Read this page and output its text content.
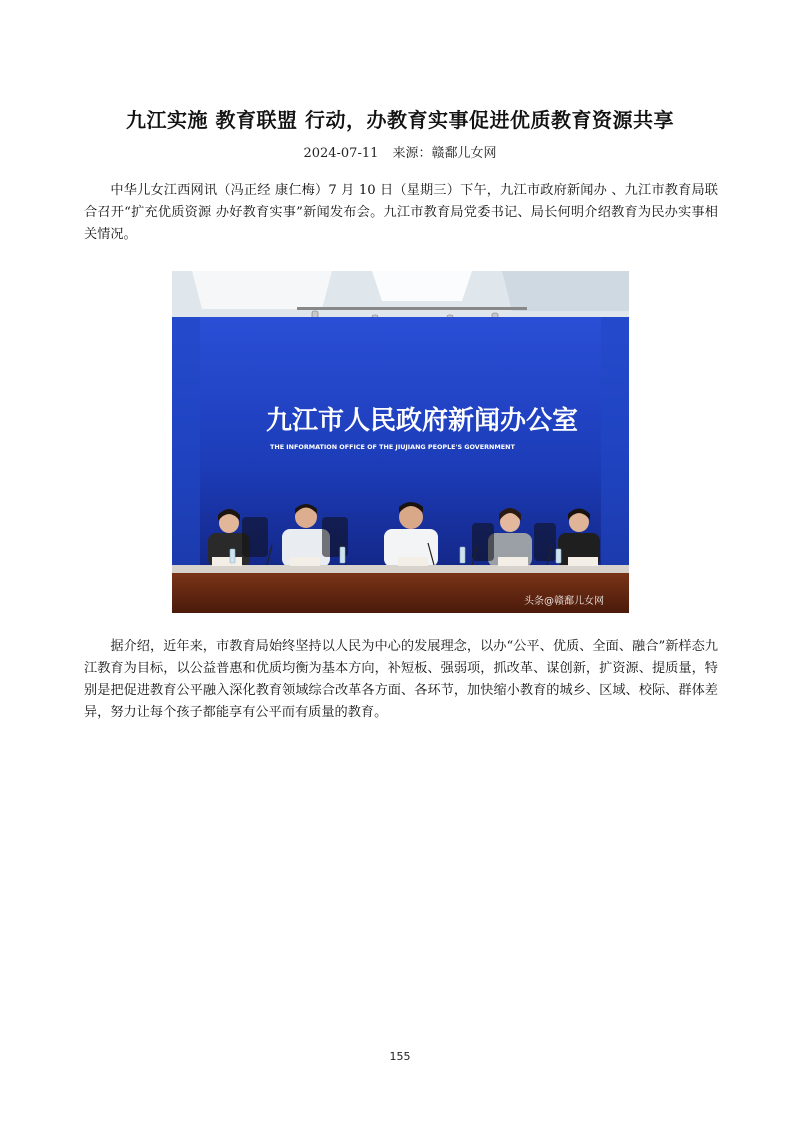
九江实施 教育联盟 行动，办教育实事促进优质教育资源共享
2024-07-11 来源：赣鄱儿女网

中华儿女江西网讯（冯正经 康仁梅）7 月 10 日（星期三）下午，九江市政府新闻办 、九江市教育局联合召开“扩充优质资源 办好教育实事”新闻发布会。九江市教育局党委书记、局长何明介绍教育为民办实事相关情况。

九江市人民政府新闻办公室
THE INFORMATION OFFICE OF THE JIUJIANG PEOPLE'S GOVERNMENT
头条@赣鄱儿女网

据介绍，近年来，市教育局始终坚持以人民为中心的发展理念，以办“公平、优质、全面、融合”新样态九江教育为目标，以公益普惠和优质均衡为基本方向，补短板、强弱项，抓改革、谋创新，扩资源、提质量，特别是把促进教育公平融入深化教育领域综合改革各方面、各环节，加快缩小教育的城乡、区域、校际、群体差异，努力让每个孩子都能享有公平而有质量的教育。

155
